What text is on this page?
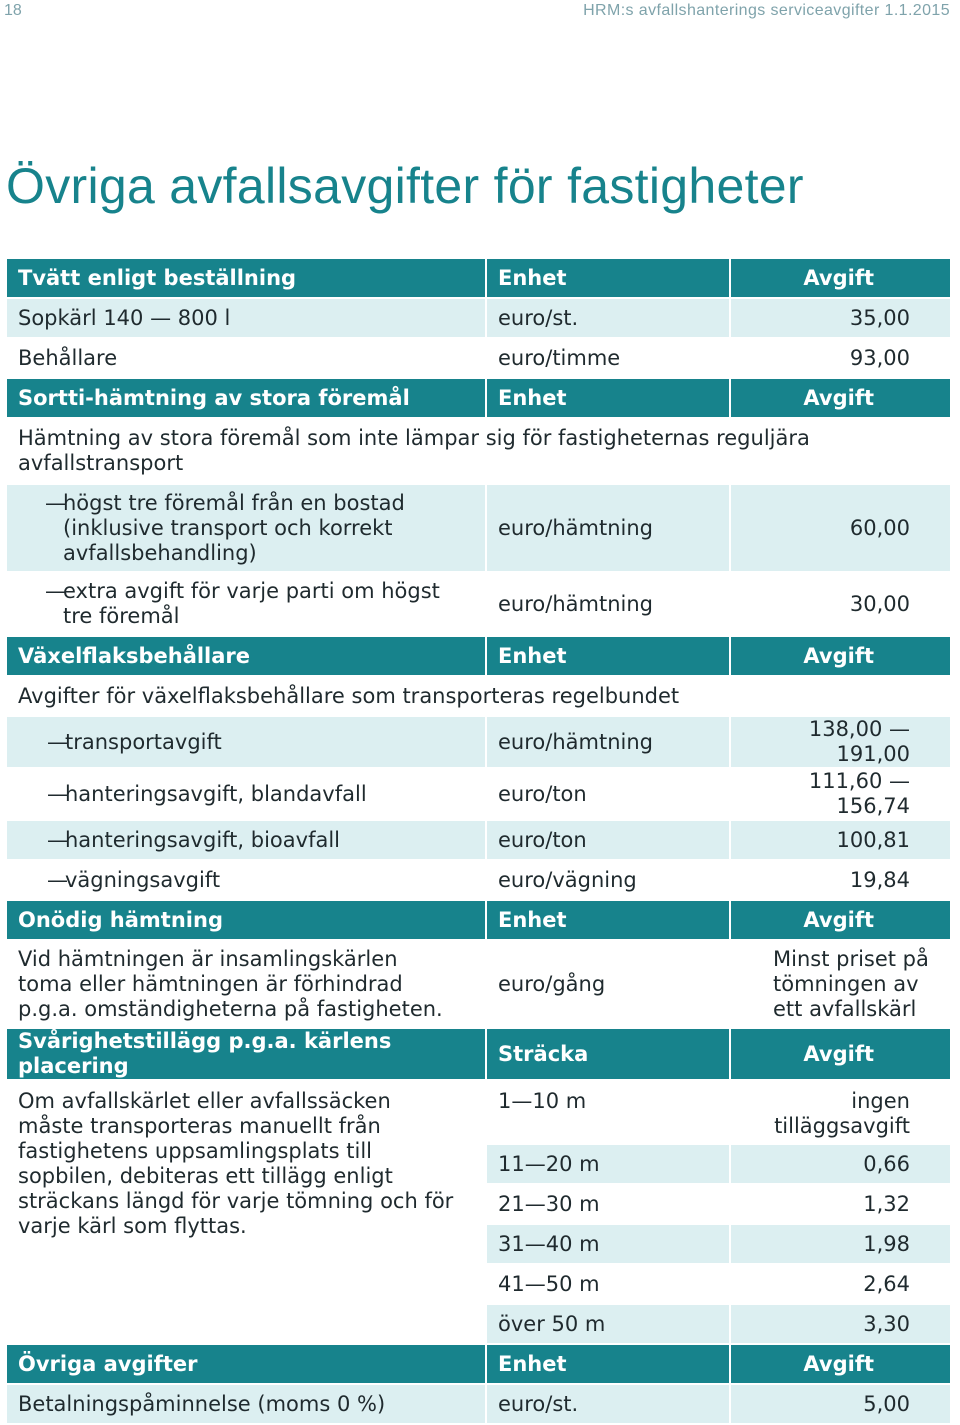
18	HRM:s avfallshanterings serviceavgifter 1.1.2015
Övriga avfallsavgifter för fastigheter
Tvätt enligt beställning	Enhet	Avgift
Sopkärl 140 — 800 l	euro/st.	35,00
Behållare	euro/timme	93,00
Sortti-hämtning av stora föremål	Enhet	Avgift
Hämtning av stora föremål som inte lämpar sig för fastigheternas reguljära avfallstransport		
—högst tre föremål från en bostad (inklusive transport och korrekt avfallsbehandling)	euro/hämtning	60,00
—extra avgift för varje parti om högst tre föremål	euro/hämtning	30,00
Växelflaksbehållare	Enhet	Avgift
Avgifter för växelflaksbehållare som transporteras regelbundet		
—transportavgift	euro/hämtning	138,00 — 191,00
—hanteringsavgift, blandavfall	euro/ton	111,60 — 156,74
—hanteringsavgift, bioavfall	euro/ton	100,81
—vägningsavgift	euro/vägning	19,84
Onödig hämtning	Enhet	Avgift
Vid hämtningen är insamlingskärlen toma eller hämtningen är förhindrad p.g.a. omständigheterna på fastigheten.	euro/gång	Minst priset på tömningen av ett avfallskärl
Svårighetstillägg p.g.a. kärlens placering	Sträcka	Avgift
Om avfallskärlet eller avfallssäcken måste transporteras manuellt från fastighetens uppsamlingsplats till sopbilen, debiteras ett tillägg enligt sträckans längd för varje tömning och för varje kärl som flyttas.	1—10 m	ingen tilläggsavgift
	11—20 m	0,66
	21—30 m	1,32
	31—40 m	1,98
	41—50 m	2,64
	över 50 m	3,30
Övriga avgifter	Enhet	Avgift
Betalningspåminnelse (moms 0 %)	euro/st.	5,00
